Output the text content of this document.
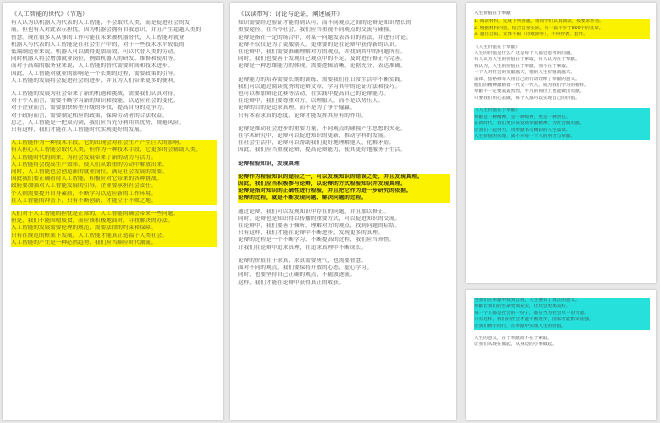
《人工智能的世代》（节选）
有人认为以机器人为代表的人工智能，不会取代人类，而是促进社会的发
展。但也有人对此表示担忧，因为机器会拥有自我意识，并且产生超越人类的
智慧。现在很多人从事的工作可能在未来被机器替代，人工智能对就业
机器人与代表的人工智能是在社会生产中的，对于一些技术水平较低的
低端制造业来说，机器人可以做得更加高效，可以代替人类的劳动。
同时机器人将会增加就业岗位，例如机器人的研发、维修和使用等。
而对于高端的服务业来说，人工智能的替代需要时间和技术进步。
因此，人工智能对就业的影响是一个长期的过程，需要政策的引导。
人工智能的发展将会促进社会的进步，并且为人们带来更多的便利。
人工智能的发展为社会带来了新的机遇和挑战，需要我们认真对待。
对于个人而言，需要不断学习新的知识和技能，以适应社会的变化。
对于企业而言，需要加快转型升级的步伐，提高自身的竞争力。
对于政府而言，需要制定相应的政策，保障劳动者的合法权益。
总之，人工智能是一把双刃剑，我们应当充分利用其优势，规避风险。
只有这样，我们才能在人工智能时代实现更好的发展。
人工智能作为一种技术手段，它的出现会对社会生产产生巨大的影响。
有人担心人工智能会取代人类，但作为一种技术手段，它更多的会辅助人类。
人工智能时代的到来，为社会发展带来了新的动力与活力。
人工智能将会提高生产效率，使人们从繁重的劳动中解放出来。
同时，人工智能也会创造新的就业岗位，满足社会发展的需要。
因此我们要正确看待人工智能，积极应对它带来的各种挑战。
政府要加强对人工智能发展的引导，企业要承担社会责任。
个人则需要提升自身素质，不断学习以适应新的工作环境。
在人工智能的冲击下，只有不断创新，才能立于不败之地。
人们对于人工智能的担忧是正常的，人工智能的确会带来一些问题。
但是，我们不能因噎废食，而应该积极地面对，寻找解决的办法。
人工智能的发展需要伦理的规范，需要法律的约束和保障。
只有在规范的框架下发展，人工智能才能真正造福于人类社会。
人工智能的产生是一种必然趋势，我们应当顺应时代潮流。
《以读带写：讨论与论证，阐述展开》
知识需要经过验证才能得到认可，而不同观点之间的论辩是知识增长的
重要途径。在当今社会，我们应当重视不同观点的交流与碰撞。
论辩是指在一定的场合中，对某一问题发表各自的看法，并进行讨论。
论辩不仅仅是为了说服别人，更重要的是在论辩中获得新的认识。
在论辩中，我们需要准确理解对方的观点，并找到其中的问题所在。
同时，我们也要善于发现自己观点中的不足，及时进行修正与完善。
论辩是一种思维能力的体现，需要逻辑清晰，论据充分，表达准确。
论辩能力的培养需要长期的训练，需要我们在日常生活中不断实践。
我们可以通过阅读优秀的论辩文章，学习其中的论证方法和技巧。
也可以参加辩论比赛等活动，在实践中提高自己的论辩能力。
在论辩中，我们要尊重对方，以理服人，而不是以势压人。
论辩的目的是追求真理，而不是为了争个输赢。
只有本着求真的态度，论辩才能发挥其应有的作用。
论辩是推动社会进步的重要力量，不同观点的碰撞产生思想的火花。
在学术研究中，论辩可以促进知识的更新，推动学科的发展。
在社会生活中，论辩可以帮助我们更好地理解他人，化解矛盾。
因此，我们应当重视论辩，提高论辩能力，使其更好地服务于生活。
论辩检验知识，发现真理
论辩作为检验知识的途径之一，可以发现知识的错误之处，并且发现真理。
因此，我们应当积极参与论辩，以论辩的方式检验知识并发现真理。
论辩是指对知识的正确性进行检验，并且把它作为进一步研究的依据。
论辩的过程，就是不断发现问题、解决问题的过程。
通过论辩，我们可以发现知识中存在的问题，并且加以修正。
同时，论辩也是知识得以传播的重要方式，可以促进知识的交流。
在论辩中，我们要善于倾听，理解对方的观点，找到问题的症结。
只有这样，我们才能在论辩中不断进步，发现更多的真理。
论辩的过程是一个不断学习、不断提高的过程，我们应当珍惜。
让我们在论辩中追求真理，在追求真理中不断成长。
论辩的价值在于求真，求真需要勇气，也需要智慧。
面对不同的观点，我们要保持开放的心态，虚心学习。
同时，也要坚持自己正确的观点，不随波逐流。
这样，我们才能在论辩中获得真正的收获。
人生价值在于奉献
1. 阅读材料，完成下列各题。请同学们认真阅读，按要求作答。
2. 根据材料内容，结合自身实际，写一篇不少于800字的文章。
3. 题目自拟，文体不限（诗歌除外），不得抄袭、套作。
《人生价值在于奉献》
人生的价值是什么？这是每个人都会思考的问题。
有人认为人生的价值在于索取，有人认为在于奉献。
我认为，人生的价值在于奉献，而不在于索取。
一个人对社会的贡献越大，他的人生价值就越大。
雷锋、焦裕禄等人用自己的行动诠释了奉献的意义。
他们的精神激励着一代又一代人，成为我们学习的榜样。
奉献不一定要轰轰烈烈，平凡的岗位上也能做出贡献。
只要我们用心去做，每个人都可以实现自己的价值。
《人生价值在于奉献》
奉献是一种精神，是一种境界，更是一种责任。
在新时代，我们更应该发扬奉献精神，为社会做贡献。
让我们一起努力，用奉献书写精彩的人生篇章。
人生价值的实现，离不开每一个人的努力与奉献。
当我们在奉献中找到自我，人生便有了真正的意义。
奉献让我们的生命更加充实，让社会更加美好。
每一个人都是社会的一份子，都应当为社会尽一份力量。
只有这样，我们的社会才能不断进步，国家才能繁荣富强。
让我们携手同行，在奉献中实现人生的价值。
人生的意义，在于奉献而不在于索取。
让我们从现在做起，从身边的小事做起。
